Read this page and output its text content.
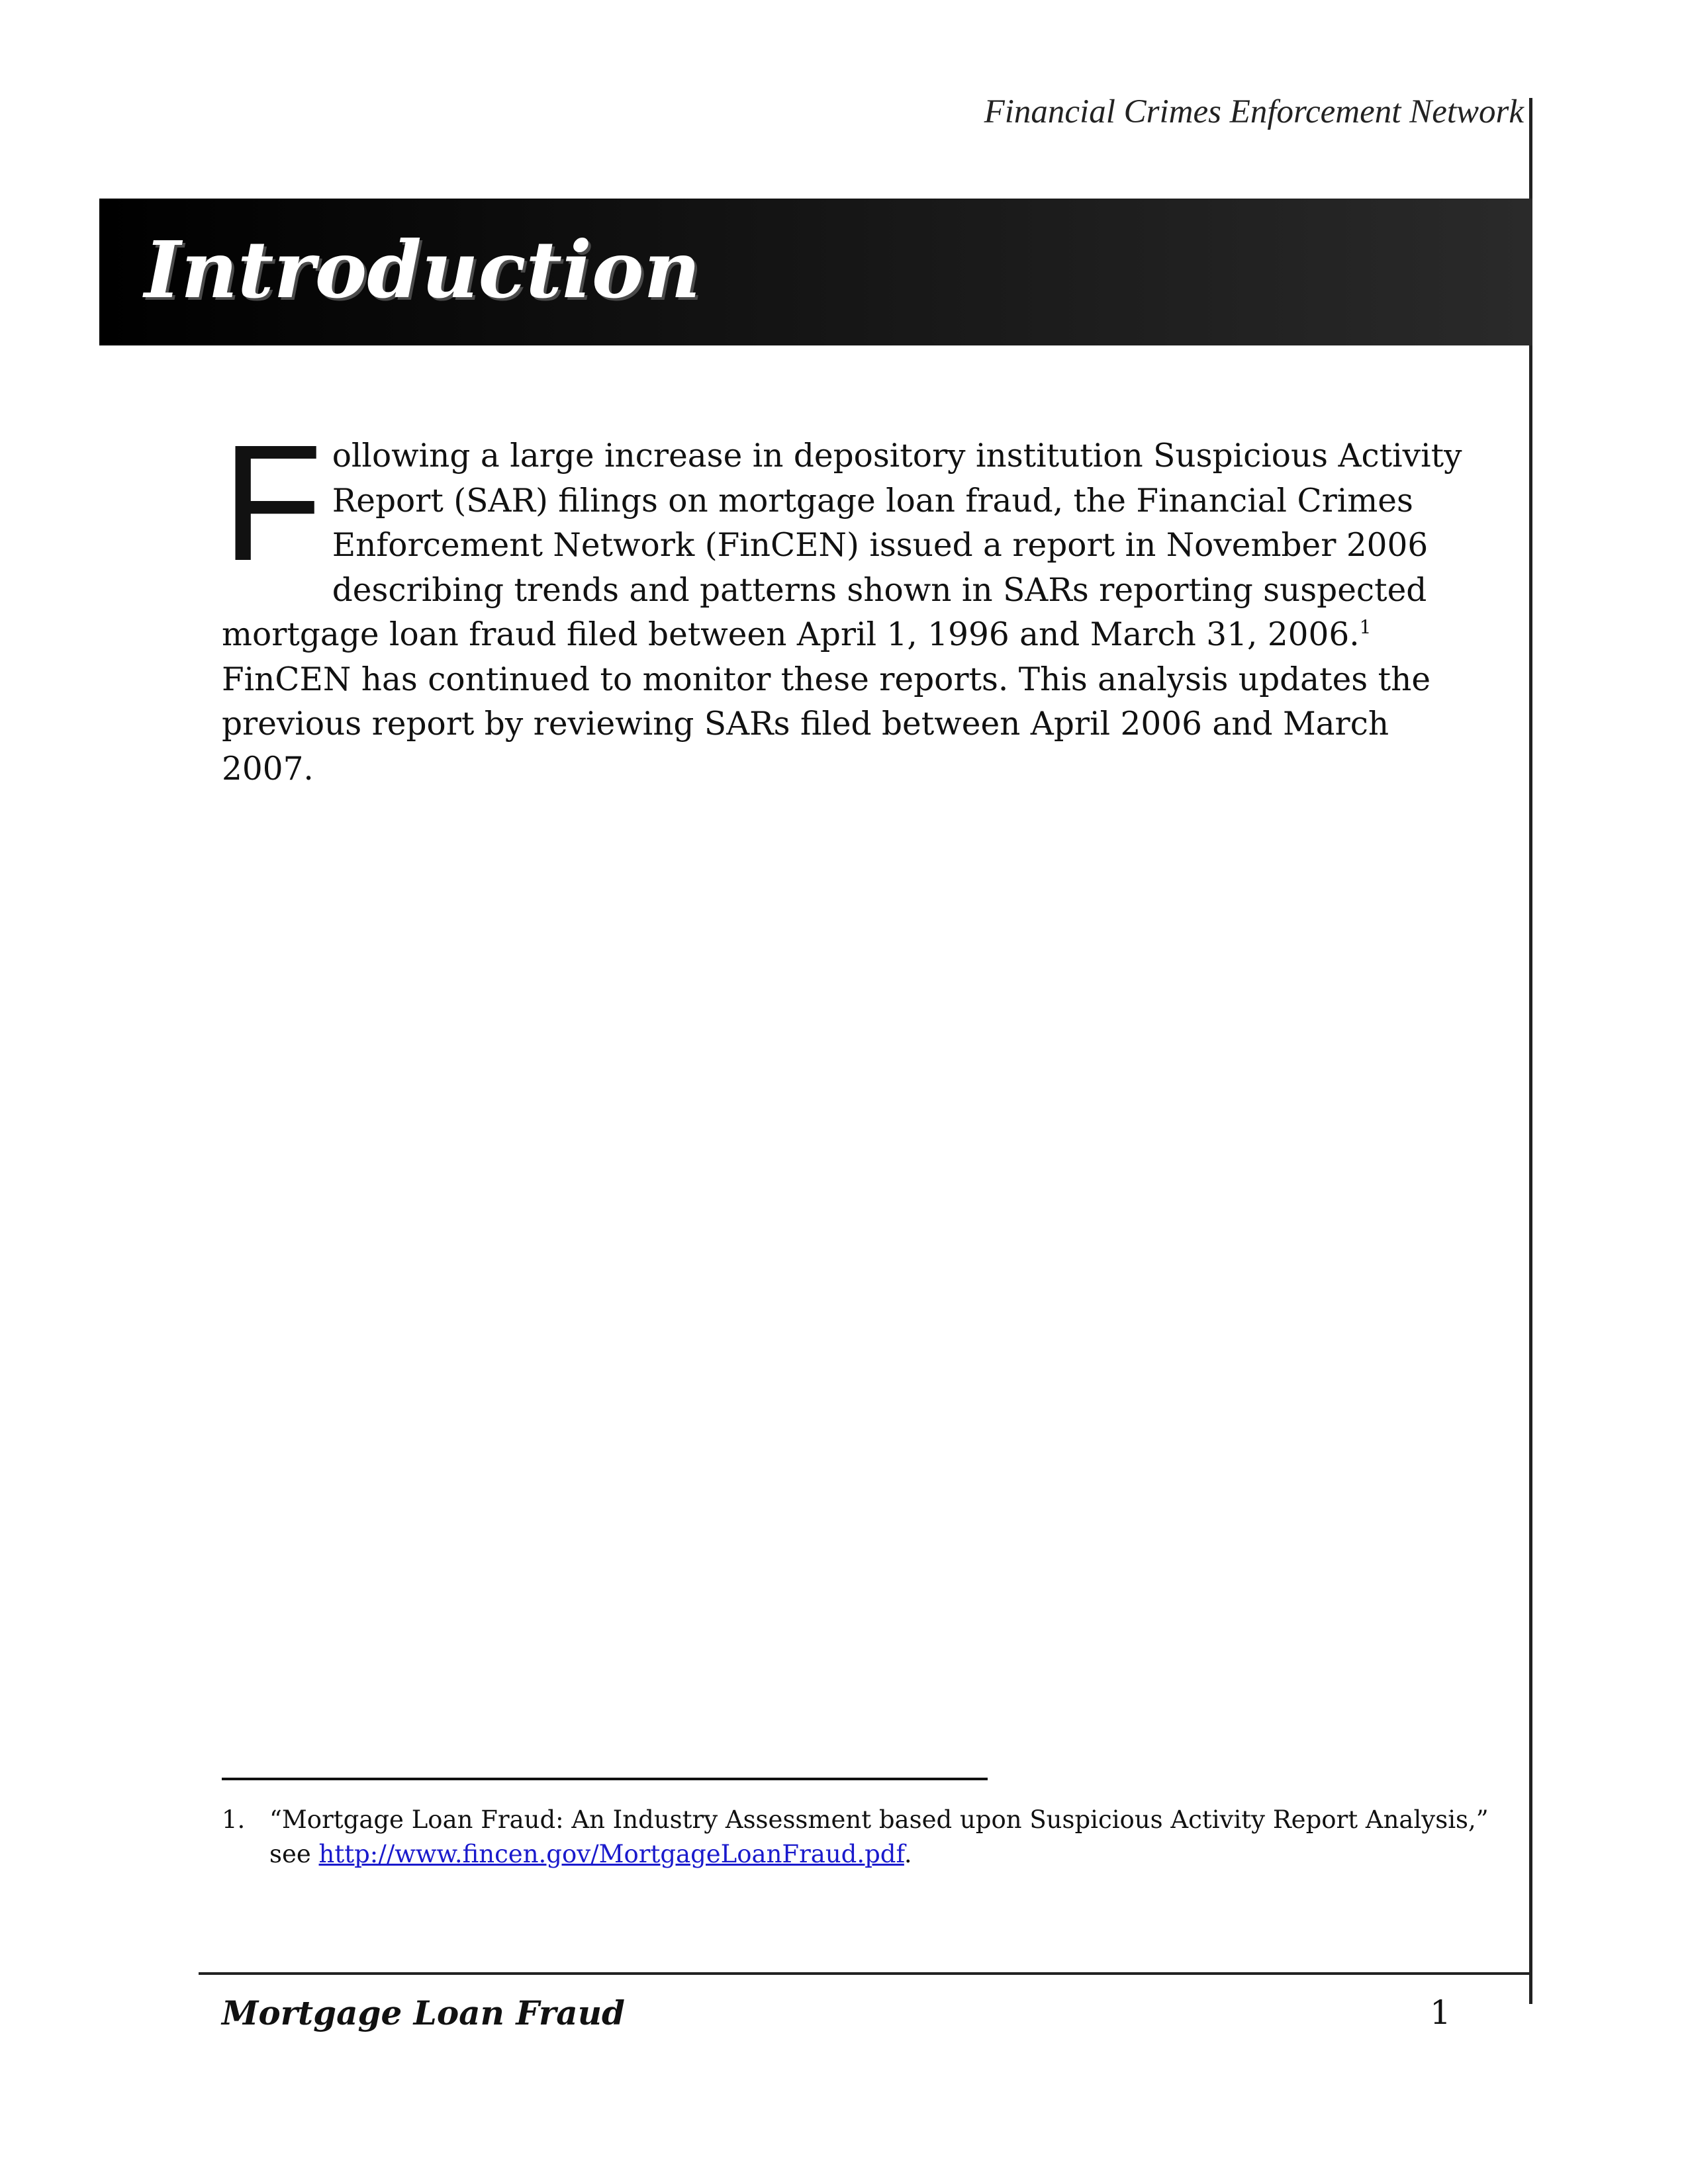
Financial Crimes Enforcement Network
Introduction
Following a large increase in depository institution Suspicious Activity Report (SAR) filings on mortgage loan fraud, the Financial Crimes Enforcement Network (FinCEN) issued a report in November 2006 describing trends and patterns shown in SARs reporting suspected mortgage loan fraud filed between April 1, 1996 and March 31, 2006.$^1$ FinCEN has continued to monitor these reports. This analysis updates the previous report by reviewing SARs filed between April 2006 and March 2007.
1. “Mortgage Loan Fraud: An Industry Assessment based upon Suspicious Activity Report Analysis,”
see http://www.fincen.gov/MortgageLoanFraud.pdf.
Mortgage Loan Fraud	1
